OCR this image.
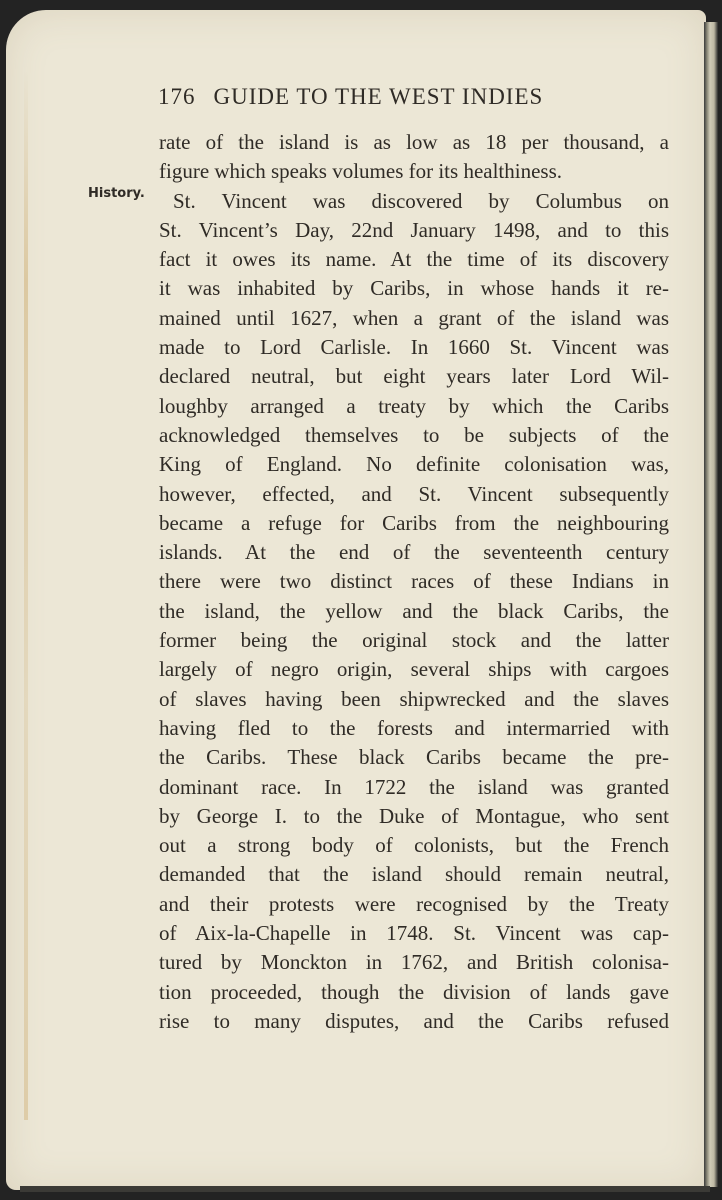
176 GUIDE TO THE WEST INDIES
History.
rate of the island is as low as 18 per thousand, a
figure which speaks volumes for its healthiness.
St. Vincent was discovered by Columbus on
St. Vincent’s Day, 22nd January 1498, and to this
fact it owes its name. At the time of its discovery
it was inhabited by Caribs, in whose hands it re-
mained until 1627, when a grant of the island was
made to Lord Carlisle. In 1660 St. Vincent was
declared neutral, but eight years later Lord Wil-
loughby arranged a treaty by which the Caribs
acknowledged themselves to be subjects of the
King of England. No definite colonisation was,
however, effected, and St. Vincent subsequently
became a refuge for Caribs from the neighbouring
islands. At the end of the seventeenth century
there were two distinct races of these Indians in
the island, the yellow and the black Caribs, the
former being the original stock and the latter
largely of negro origin, several ships with cargoes
of slaves having been shipwrecked and the slaves
having fled to the forests and intermarried with
the Caribs. These black Caribs became the pre-
dominant race. In 1722 the island was granted
by George I. to the Duke of Montague, who sent
out a strong body of colonists, but the French
demanded that the island should remain neutral,
and their protests were recognised by the Treaty
of Aix-la-Chapelle in 1748. St. Vincent was cap-
tured by Monckton in 1762, and British colonisa-
tion proceeded, though the division of lands gave
rise to many disputes, and the Caribs refused
